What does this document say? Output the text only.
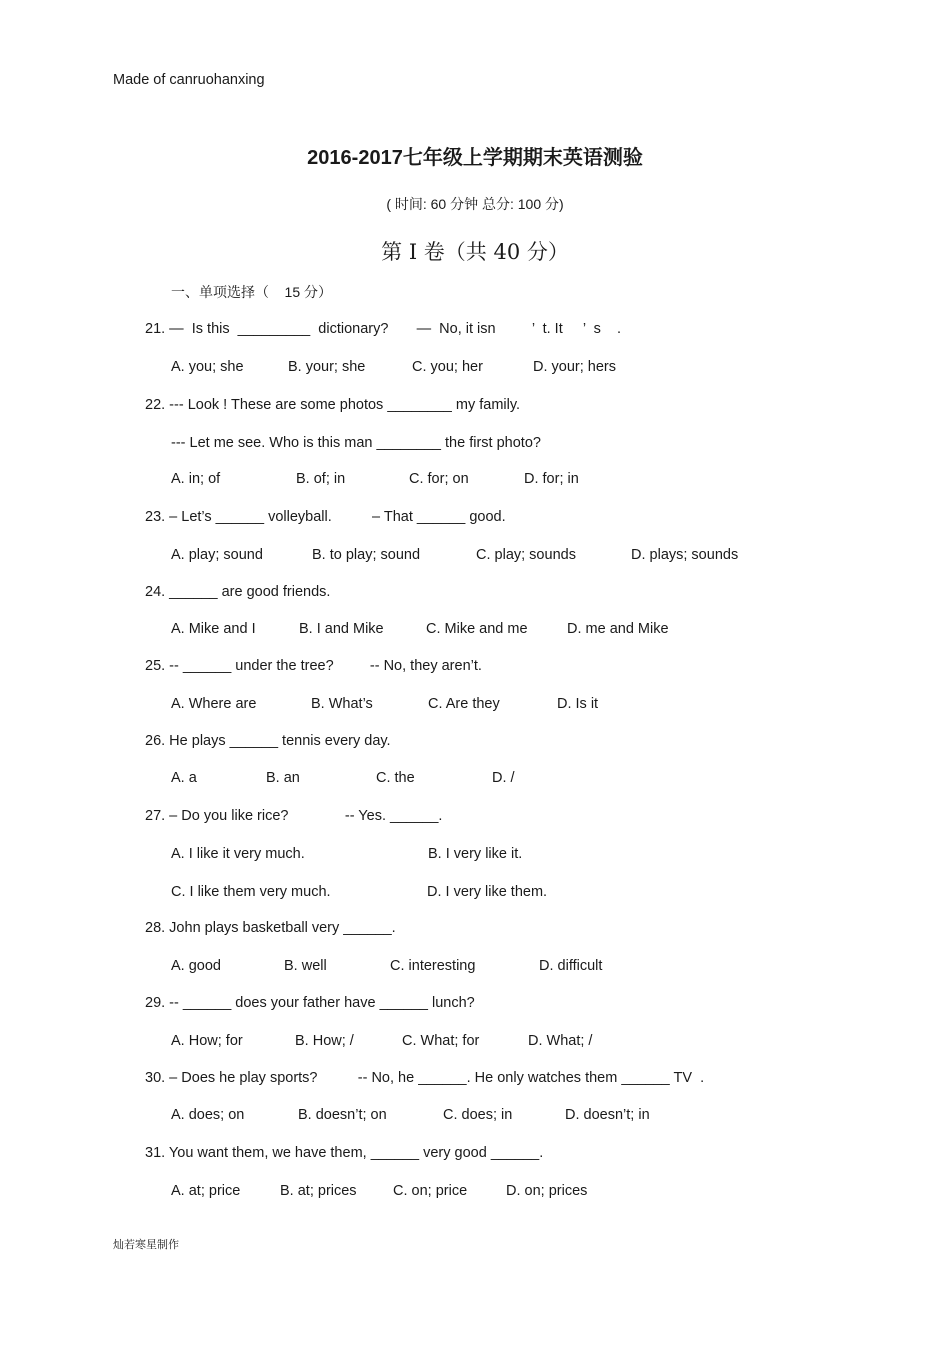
Made of canruohanxing
2016-2017七年级上学期期末英语测验
( 时间: 60 分钟 总分: 100 分)
第 I 卷（共 40 分）
一、单项选择（    15 分）
21. —  Is this  _________  dictionary?       —  No, it isn         ’  t. It     ’  s    .
A. you; she	B. your; she	C. you; her	D. your; hers
22. --- Look ! These are some photos ________ my family.
--- Let me see. Who is this man ________ the first photo?
A. in; of	B. of; in	C. for; on	D. for; in
23. – Let’s ______ volleyball.          – That ______ good.
A. play; sound	B. to play; sound	C. play; sounds	D. plays; sounds
24. ______ are good friends.
A. Mike and I	B. I and Mike	C. Mike and me	D. me and Mike
25. -- ______ under the tree?         -- No, they aren’t.
A. Where are	B. What’s	C. Are they	D. Is it
26. He plays ______ tennis every day.
A. a	B. an	C. the	D. /
27. – Do you like rice?              -- Yes. ______.
A. I like it very much.	B. I very like it.
C. I like them very much.	D. I very like them.
28. John plays basketball very ______.
A. good	B. well	C. interesting	D. difficult
29. -- ______ does your father have ______ lunch?
A. How; for	B. How; /	C. What; for	D. What; /
30. – Does he play sports?          -- No, he ______. He only watches them ______ TV  .
A. does; on	B. doesn’t; on	C. does; in	D. doesn’t; in
31. You want them, we have them, ______ very good ______.
A. at; price	B. at; prices	C. on; price	D. on; prices
灿若寒星制作
